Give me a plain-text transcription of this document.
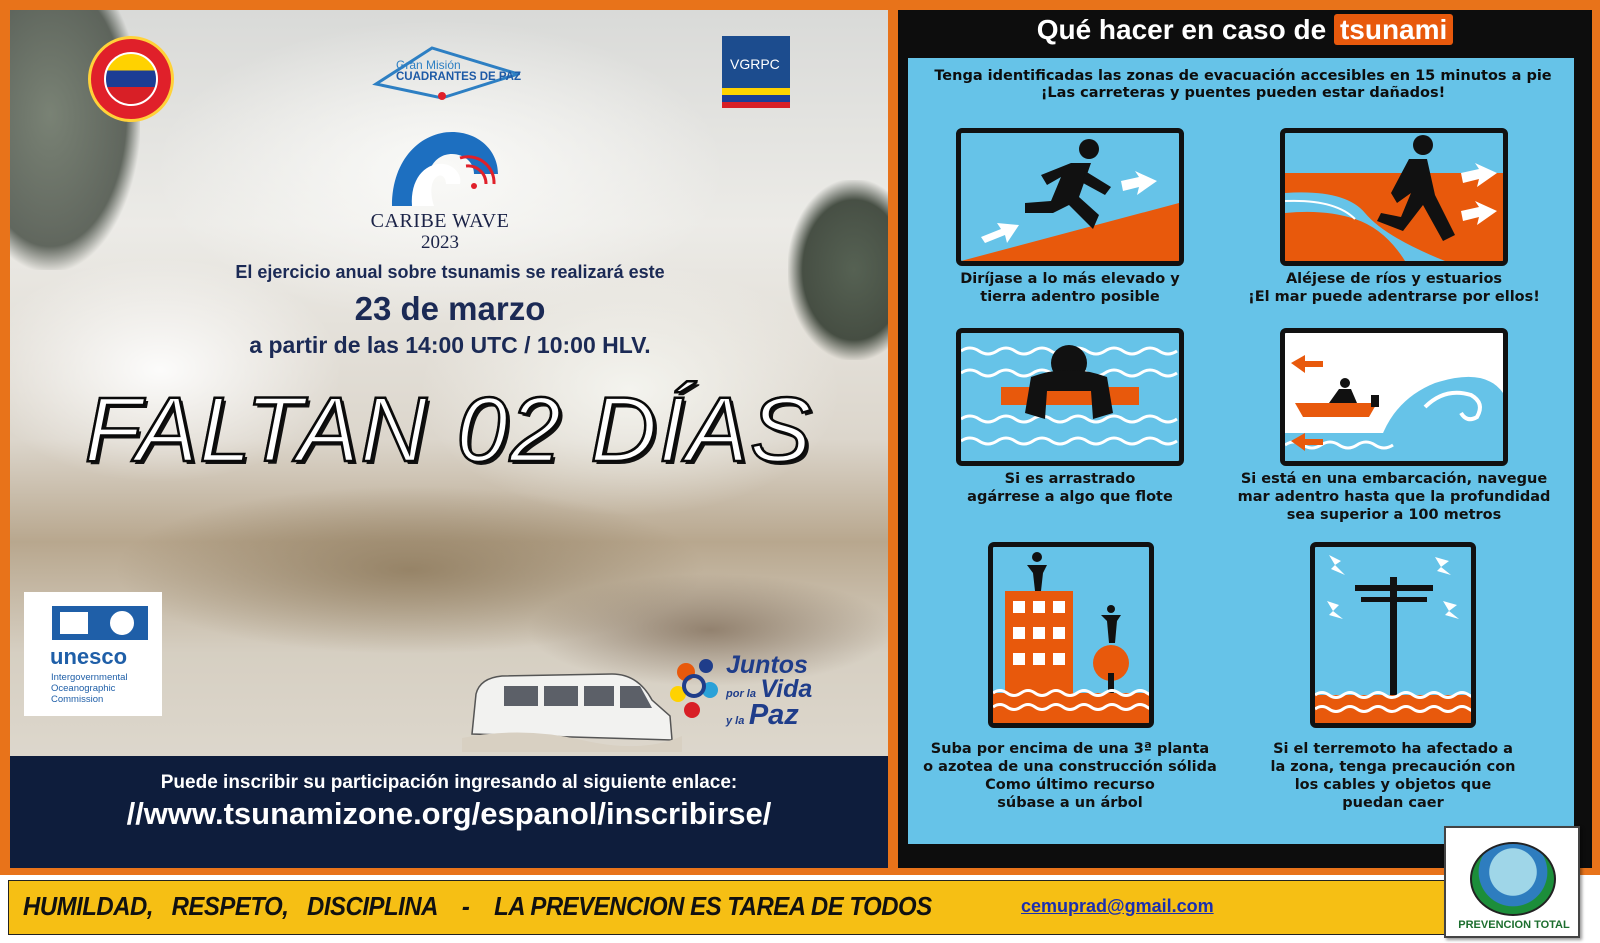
Gran Misión
CUADRANTES DE PAZ
VGRPC
CARIBE WAVE
2023
El ejercicio anual sobre tsunamis se realizará este
23 de marzo
a partir de las 14:00 UTC / 10:00 HLV.
FALTAN 02 DÍAS
unesco
Intergovernmental Oceanographic Commission
Juntos
por la Vida
y la Paz
Puede inscribir su participación ingresando al siguiente enlace:
//www.tsunamizone.org/espanol/inscribirse/
Qué hacer en caso de tsunami
Tenga identificadas las zonas de evacuación accesibles en 15 minutos a pie
¡Las carreteras y puentes pueden estar dañados!
Diríjase a lo más elevado y
tierra adentro posible
Aléjese de ríos y estuarios
¡El mar puede adentrarse por ellos!
Si es arrastrado
agárrese a algo que flote
Si está en una embarcación, navegue
mar adentro hasta que la profundidad
sea superior a 100 metros
Suba por encima de una 3ª planta
o azotea de una construcción sólida
Como último recurso
súbase a un árbol
Si el terremoto ha afectado a
la zona, tenga precaución con
los cables y objetos que
puedan caer
HUMILDAD,   RESPETO,   DISCIPLINA    -    LA PREVENCION ES TAREA DE TODOS	cemuprad@gmail.com
PREVENCION TOTAL
